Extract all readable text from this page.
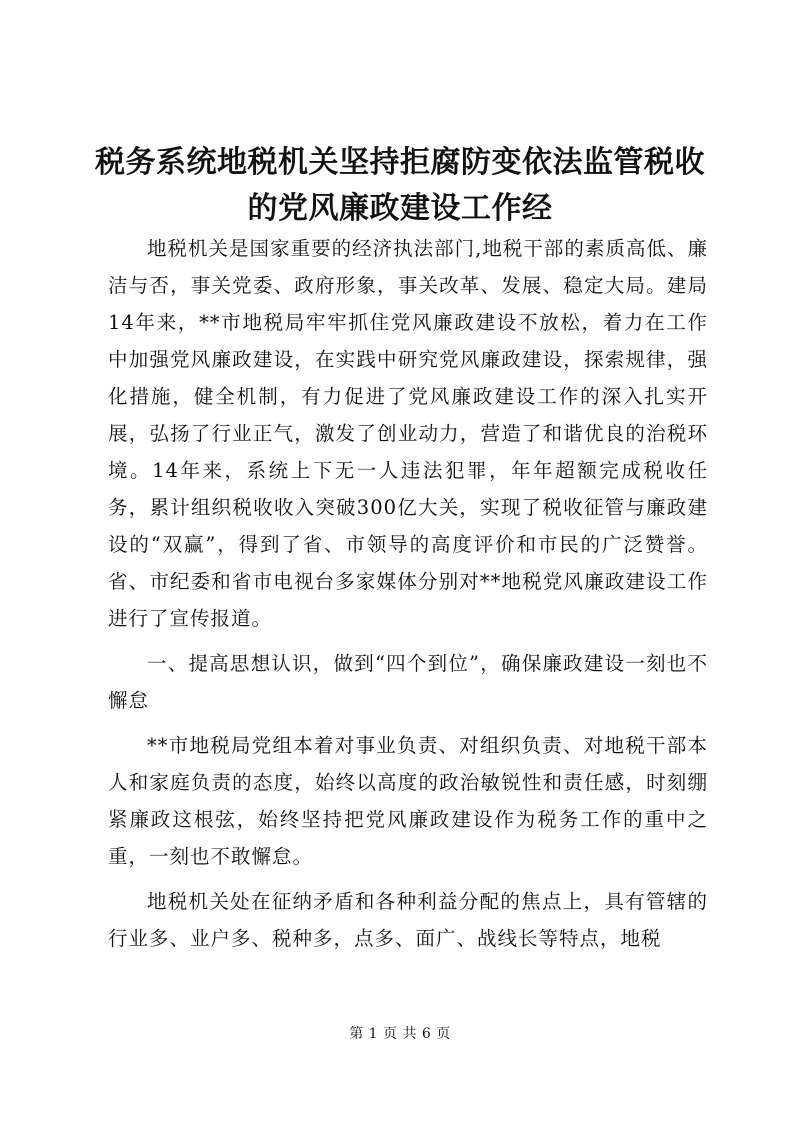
税务系统地税机关坚持拒腐防变依法监管税收的党风廉政建设工作经

地税机关是国家重要的经济执法部门,地税干部的素质高低、廉洁与否，事关党委、政府形象，事关改革、发展、稳定大局。建局14年来，**市地税局牢牢抓住党风廉政建设不放松，着力在工作中加强党风廉政建设，在实践中研究党风廉政建设，探索规律，强化措施，健全机制，有力促进了党风廉政建设工作的深入扎实开展，弘扬了行业正气，激发了创业动力，营造了和谐优良的治税环境。14年来，系统上下无一人违法犯罪，年年超额完成税收任务，累计组织税收收入突破300亿大关，实现了税收征管与廉政建设的“双赢”，得到了省、市领导的高度评价和市民的广泛赞誉。省、市纪委和省市电视台多家媒体分别对**地税党风廉政建设工作进行了宣传报道。

一、提高思想认识，做到“四个到位”，确保廉政建设一刻也不懈怠

**市地税局党组本着对事业负责、对组织负责、对地税干部本人和家庭负责的态度，始终以高度的政治敏锐性和责任感，时刻绷紧廉政这根弦，始终坚持把党风廉政建设作为税务工作的重中之重，一刻也不敢懈怠。

地税机关处在征纳矛盾和各种利益分配的焦点上，具有管辖的行业多、业户多、税种多，点多、面广、战线长等特点，地税

第 1 页 共 6 页
